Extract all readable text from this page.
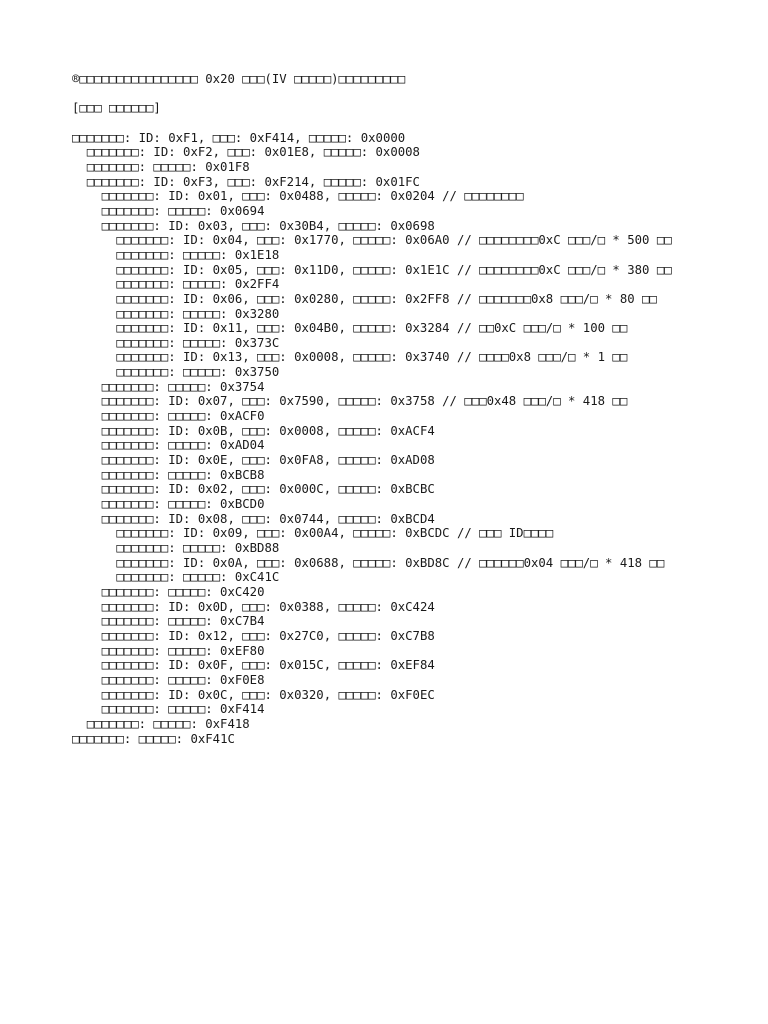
®□□□□□□□□□□□□□□□□ 0x20 □□□(IV □□□□□)□□□□□□□□□
[□□□ □□□□□□]
□□□□□□□: ID: 0xF1, □□□: 0xF414, □□□□□: 0x0000
□□□□□□□: ID: 0xF2, □□□: 0x01E8, □□□□□: 0x0008
□□□□□□□: □□□□□: 0x01F8
□□□□□□□: ID: 0xF3, □□□: 0xF214, □□□□□: 0x01FC
□□□□□□□: ID: 0x01, □□□: 0x0488, □□□□□: 0x0204 // □□□□□□□□
□□□□□□□: □□□□□: 0x0694
□□□□□□□: ID: 0x03, □□□: 0x30B4, □□□□□: 0x0698
□□□□□□□: ID: 0x04, □□□: 0x1770, □□□□□: 0x06A0 // □□□□□□□□0xC □□□/□ * 500 □□
□□□□□□□: □□□□□: 0x1E18
□□□□□□□: ID: 0x05, □□□: 0x11D0, □□□□□: 0x1E1C // □□□□□□□□0xC □□□/□ * 380 □□
□□□□□□□: □□□□□: 0x2FF4
□□□□□□□: ID: 0x06, □□□: 0x0280, □□□□□: 0x2FF8 // □□□□□□□0x8 □□□/□ * 80 □□
□□□□□□□: □□□□□: 0x3280
□□□□□□□: ID: 0x11, □□□: 0x04B0, □□□□□: 0x3284 // □□0xC □□□/□ * 100 □□
□□□□□□□: □□□□□: 0x373C
□□□□□□□: ID: 0x13, □□□: 0x0008, □□□□□: 0x3740 // □□□□0x8 □□□/□ * 1 □□
□□□□□□□: □□□□□: 0x3750
□□□□□□□: □□□□□: 0x3754
□□□□□□□: ID: 0x07, □□□: 0x7590, □□□□□: 0x3758 // □□□0x48 □□□/□ * 418 □□
□□□□□□□: □□□□□: 0xACF0
□□□□□□□: ID: 0x0B, □□□: 0x0008, □□□□□: 0xACF4
□□□□□□□: □□□□□: 0xAD04
□□□□□□□: ID: 0x0E, □□□: 0x0FA8, □□□□□: 0xAD08
□□□□□□□: □□□□□: 0xBCB8
□□□□□□□: ID: 0x02, □□□: 0x000C, □□□□□: 0xBCBC
□□□□□□□: □□□□□: 0xBCD0
□□□□□□□: ID: 0x08, □□□: 0x0744, □□□□□: 0xBCD4
□□□□□□□: ID: 0x09, □□□: 0x00A4, □□□□□: 0xBCDC // □□□ ID□□□□
□□□□□□□: □□□□□: 0xBD88
□□□□□□□: ID: 0x0A, □□□: 0x0688, □□□□□: 0xBD8C // □□□□□□0x04 □□□/□ * 418 □□
□□□□□□□: □□□□□: 0xC41C
□□□□□□□: □□□□□: 0xC420
□□□□□□□: ID: 0x0D, □□□: 0x0388, □□□□□: 0xC424
□□□□□□□: □□□□□: 0xC7B4
□□□□□□□: ID: 0x12, □□□: 0x27C0, □□□□□: 0xC7B8
□□□□□□□: □□□□□: 0xEF80
□□□□□□□: ID: 0x0F, □□□: 0x015C, □□□□□: 0xEF84
□□□□□□□: □□□□□: 0xF0E8
□□□□□□□: ID: 0x0C, □□□: 0x0320, □□□□□: 0xF0EC
□□□□□□□: □□□□□: 0xF414
□□□□□□□: □□□□□: 0xF418
□□□□□□□: □□□□□: 0xF41C
